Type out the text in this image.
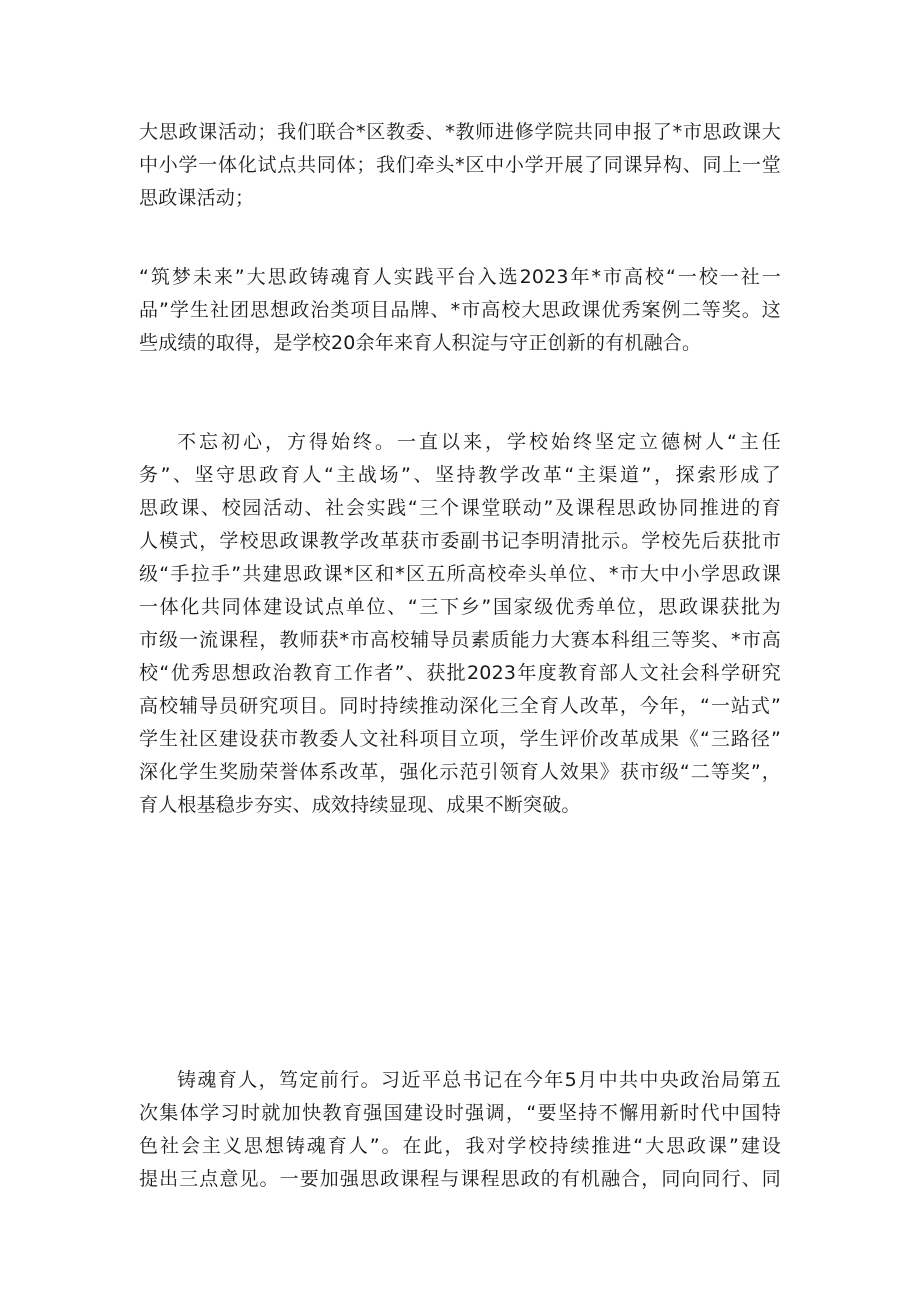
大思政课活动；我们联合*区教委、*教师进修学院共同申报了*市思政课大
中小学一体化试点共同体；我们牵头*区中小学开展了同课异构、同上一堂
思政课活动；

“筑梦未来”大思政铸魂育人实践平台入选2023年*市高校“一校一社一
品”学生社团思想政治类项目品牌、*市高校大思政课优秀案例二等奖。这
些成绩的取得，是学校20余年来育人积淀与守正创新的有机融合。

不忘初心，方得始终。一直以来，学校始终坚定立德树人“主任
务”、坚守思政育人“主战场”、坚持教学改革“主渠道”，探索形成了
思政课、校园活动、社会实践“三个课堂联动”及课程思政协同推进的育
人模式，学校思政课教学改革获市委副书记李明清批示。学校先后获批市
级“手拉手”共建思政课*区和*区五所高校牵头单位、*市大中小学思政课
一体化共同体建设试点单位、“三下乡”国家级优秀单位，思政课获批为
市级一流课程，教师获*市高校辅导员素质能力大赛本科组三等奖、*市高
校“优秀思想政治教育工作者”、获批2023年度教育部人文社会科学研究
高校辅导员研究项目。同时持续推动深化三全育人改革，今年，“一站式”
学生社区建设获市教委人文社科项目立项，学生评价改革成果《“三路径”
深化学生奖励荣誉体系改革，强化示范引领育人效果》获市级“二等奖”，
育人根基稳步夯实、成效持续显现、成果不断突破。

铸魂育人，笃定前行。习近平总书记在今年5月中共中央政治局第五
次集体学习时就加快教育强国建设时强调，“要坚持不懈用新时代中国特
色社会主义思想铸魂育人”。在此，我对学校持续推进“大思政课”建设
提出三点意见。一要加强思政课程与课程思政的有机融合，同向同行、同
